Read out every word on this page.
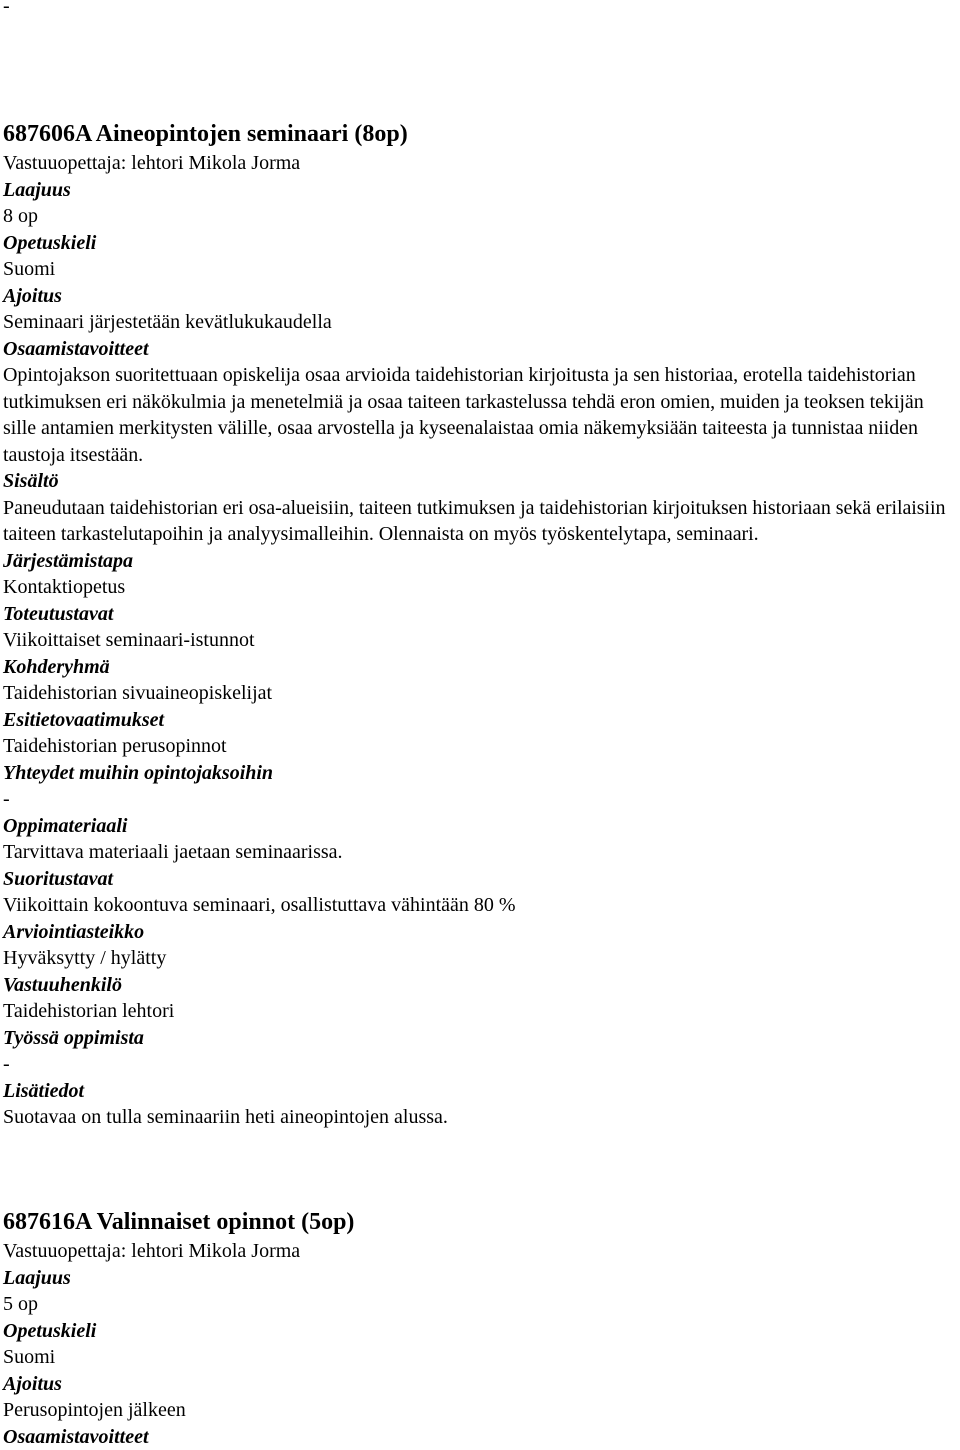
-
687606A Aineopintojen seminaari (8op)
Vastuuopettaja: lehtori Mikola Jorma
Laajuus
8 op
Opetuskieli
Suomi
Ajoitus
Seminaari järjestetään kevätlukukaudella
Osaamistavoitteet
Opintojakson suoritettuaan opiskelija osaa arvioida taidehistorian kirjoitusta ja sen historiaa, erotella taidehistorian tutkimuksen eri näkökulmia ja menetelmiä ja osaa taiteen tarkastelussa tehdä eron omien, muiden ja teoksen tekijän sille antamien merkitysten välille, osaa arvostella ja kyseenalaistaa omia näkemyksiään taiteesta ja tunnistaa niiden taustoja itsestään.
Sisältö
Paneudutaan taidehistorian eri osa-alueisiin, taiteen tutkimuksen ja taidehistorian kirjoituksen historiaan sekä erilaisiin taiteen tarkastelutapoihin ja analyysimalleihin. Olennaista on myös työskentelytapa, seminaari.
Järjestämistapa
Kontaktiopetus
Toteutustavat
Viikoittaiset seminaari-istunnot
Kohderyhmä
Taidehistorian sivuaineopiskelijat
Esitietovaatimukset
Taidehistorian perusopinnot
Yhteydet muihin opintojaksoihin
-
Oppimateriaali
Tarvittava materiaali jaetaan seminaarissa.
Suoritustavat
Viikoittain kokoontuva seminaari, osallistuttava vähintään 80 %
Arviointiasteikko
Hyväksytty / hylätty
Vastuuhenkilö
Taidehistorian lehtori
Työssä oppimista
-
Lisätiedot
Suotavaa on tulla seminaariin heti aineopintojen alussa.
687616A Valinnaiset opinnot (5op)
Vastuuopettaja: lehtori Mikola Jorma
Laajuus
5 op
Opetuskieli
Suomi
Ajoitus
Perusopintojen jälkeen
Osaamistavoitteet
